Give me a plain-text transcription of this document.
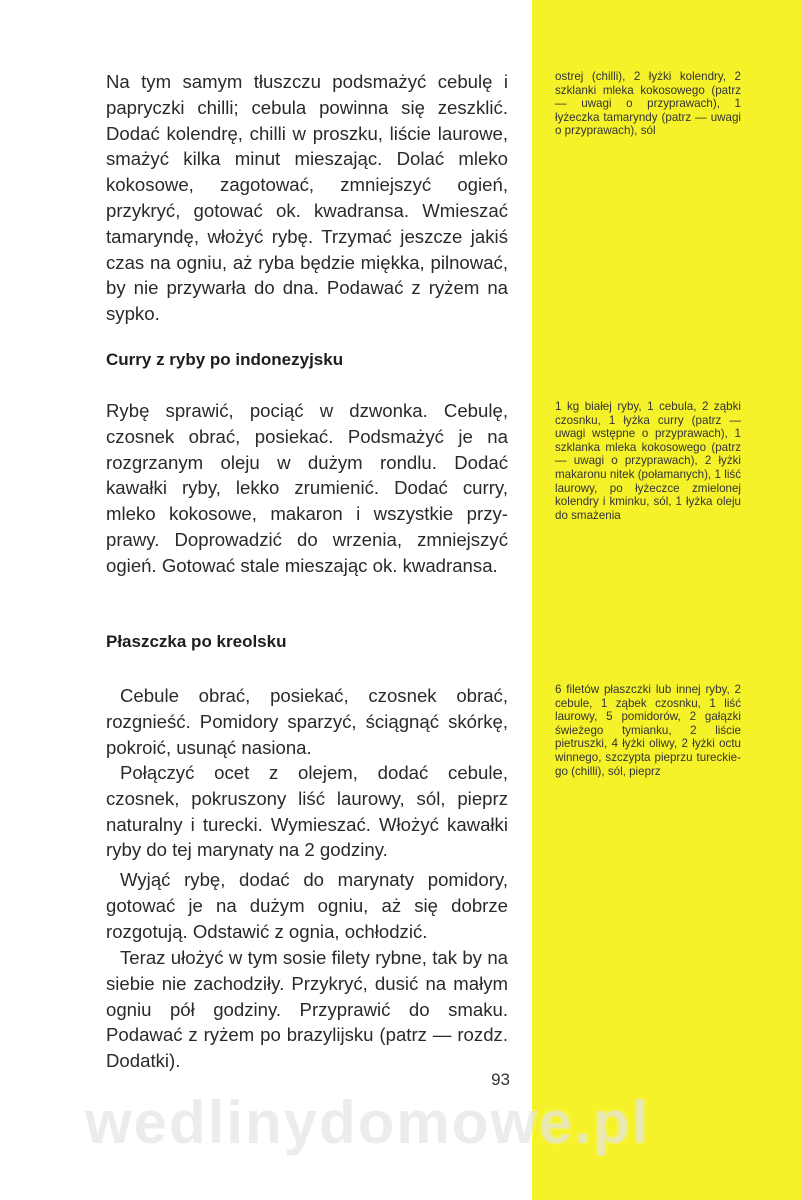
Na tym samym tłuszczu podsmażyć cebulę i papryczki chilli; cebula powinna się zeszklić. Dodać kolendrę, chilli w proszku, liście laurowe, smażyć kilka minut mieszając. Dolać mleko kokosowe, zagotować, zmniejszyć ogień, przykryć, gotować ok. kwadransa. Wmieszać tamaryndę, włożyć rybę. Trzymać jeszcze jakiś czas na ogniu, aż ryba będzie miękka, pilnować, by nie przywarła do dna. Podawać z ryżem na sypko.

Curry z ryby po indonezyjsku

Rybę sprawić, pociąć w dzwonka. Cebulę, czosnek obrać, posiekać. Podsmażyć je na rozgrzanym oleju w dużym rondlu. Dodać kawałki ryby, lekko zrumienić. Dodać curry, mleko kokosowe, makaron i wszystkie przyprawy. Doprowadzić do wrzenia, zmniejszyć ogień. Gotować stale mieszając ok. kwadransa.

Płaszczka po kreolsku

Cebule obrać, posiekać, czosnek obrać, rozgnieść. Pomidory sparzyć, ściągnąć skórkę, pokroić, usunąć nasiona.

Połączyć ocet z olejem, dodać cebule, czosnek, pokruszony liść laurowy, sól, pieprz naturalny i turecki. Wymieszać. Włożyć kawałki ryby do tej marynaty na 2 godziny.

Wyjąć rybę, dodać do marynaty pomidory, gotować je na dużym ogniu, aż się dobrze rozgotują. Odstawić z ognia, ochłodzić.

Teraz ułożyć w tym sosie filety rybne, tak by na siebie nie zachodziły. Przykryć, dusić na małym ogniu pół godziny. Przyprawić do smaku. Podawać z ryżem po brazylijsku (patrz — rozdz. Dodatki).

ostrej (chilli), 2 łyżki kolendry, 2 szklanki mleka kokosowego (patrz — uwagi o przyprawach), 1 łyżeczka tamaryndy (patrz — uwagi o przyprawach), sól

1 kg białej ryby, 1 cebula, 2 ząbki czosnku, 1 łyżka curry (patrz — uwagi wstępne o przyprawach), 1 szklanka mleka kokosowego (patrz — uwagi o przyprawach), 2 łyżki makaronu nitek (połamanych), 1 liść laurowy, po łyżeczce zmielonej kolendry i kminku, sól, 1 łyżka oleju do smażenia

6 filetów płaszczki lub innej ryby, 2 cebule, 1 ząbek czosnku, 1 liść laurowy, 5 pomidorów, 2 gałązki świeżego tymianku, 2 liście pietruszki, 4 łyżki oliwy, 2 łyżki octu winnego, szczypta pieprzu tureckiego (chilli), sól, pieprz

93
wedlinydomowe.pl
